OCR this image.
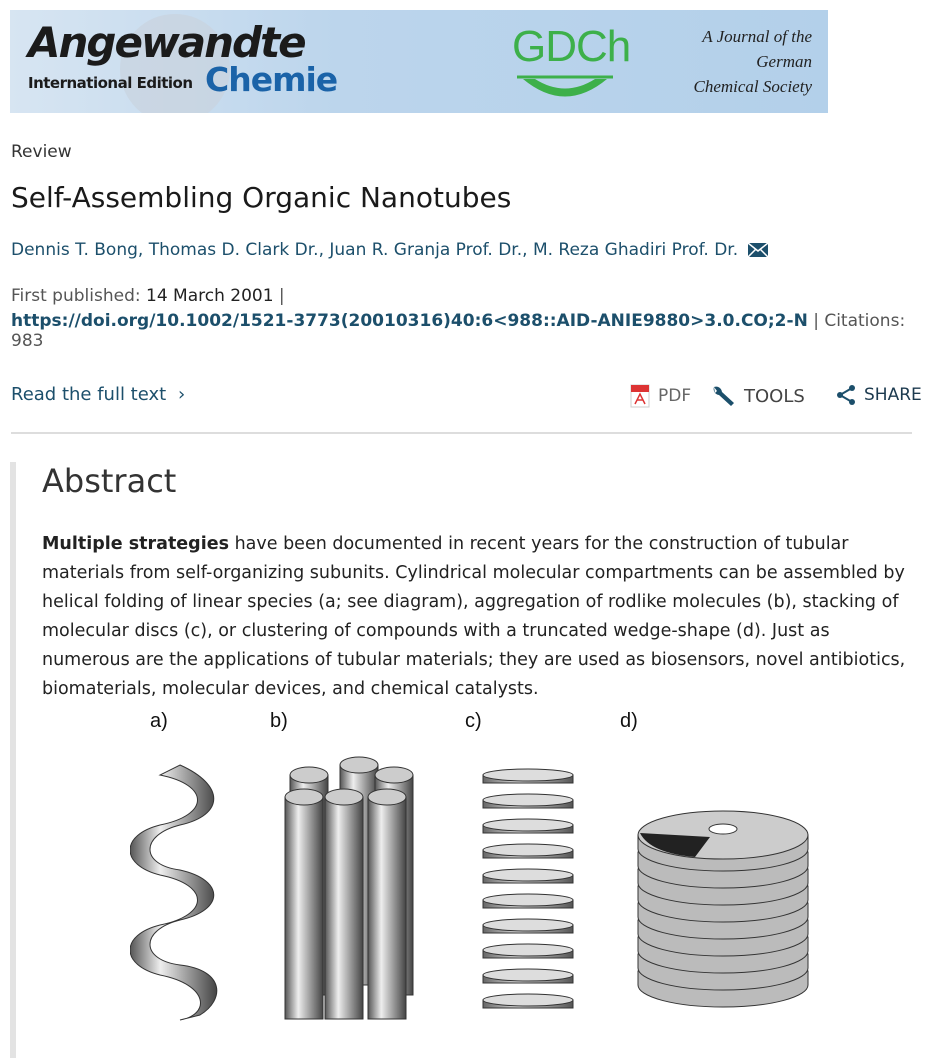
Angewandte
International Edition Chemie
GDCh	A Journal of the
German
Chemical Society
Review
Self-Assembling Organic Nanotubes
Dennis T. Bong, Thomas D. Clark Dr., Juan R. Granja Prof. Dr., M. Reza Ghadiri Prof. Dr.
First published: 14 March 2001 |
https://doi.org/10.1002/1521-3773(20010316)40:6<988::AID-ANIE9880>3.0.CO;2-N | Citations: 983
Read the full text ›	PDF	TOOLS	SHARE
Abstract

Multiple strategies have been documented in recent years for the construction of tubular materials from self-organizing subunits. Cylindrical molecular compartments can be assembled by helical folding of linear species (a; see diagram), aggregation of rodlike molecules (b), stacking of molecular discs (c), or clustering of compounds with a truncated wedge-shape (d). Just as numerous are the applications of tubular materials; they are used as biosensors, novel antibiotics, biomaterials, molecular devices, and chemical catalysts.

a)	b)	c)	d)
